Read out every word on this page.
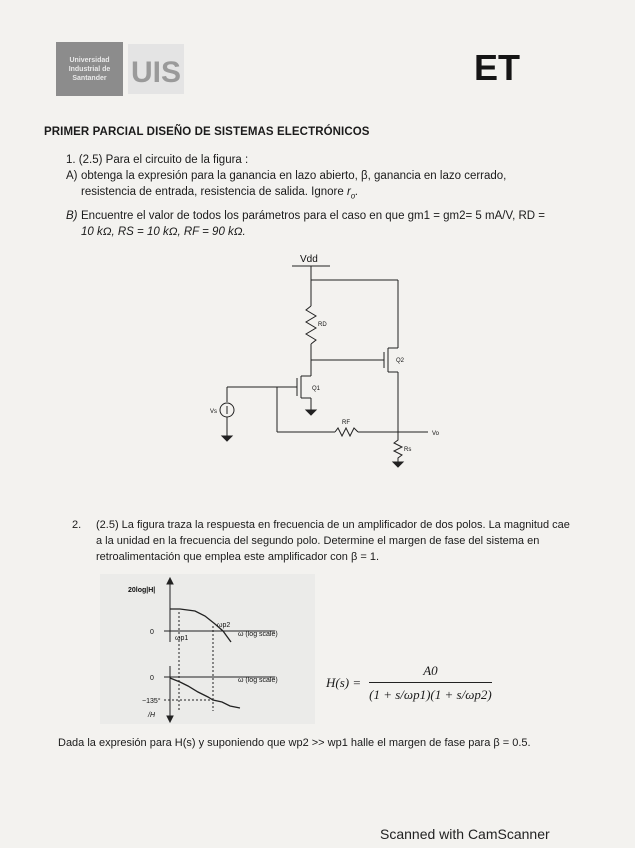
Universidad
Industrial de
Santander UIS	ET
PRIMER PARCIAL DISEÑO DE SISTEMAS ELECTRÓNICOS
1. (2.5) Para el circuito de la figura :
A) obtenga la expresión para la ganancia en lazo abierto, β, ganancia en lazo cerrado,
resistencia de entrada, resistencia de salida. Ignore $r_o$.
B) Encuentre el valor de todos los parámetros para el caso en que gm1 = gm2= 5 mA/V, RD =
10 kΩ, RS = 10 kΩ, RF = 90 kΩ.
Vdd
RD
Q2
Q1
Vs
RF
Vo
Rs
2.	(2.5) La figura traza la respuesta en frecuencia de un amplificador de dos polos. La magnitud cae

a la unidad en la frecuencia del segundo polo. Determine el margen de fase del sistema en

retroalimentación que emplea este amplificador con β = 1.

20log|H|
0
ωp1
ωp2
ω (log scale)
0	ω (log scale)
−135°
/H
$H(s) = \frac{A0}{(1 + s/\omega p1)(1 + s/\omega p2)}$
Dada la expresión para H(s) y suponiendo que wp2 >> wp1 halle el margen de fase para β = 0.5.
Scanned with CamScanner
